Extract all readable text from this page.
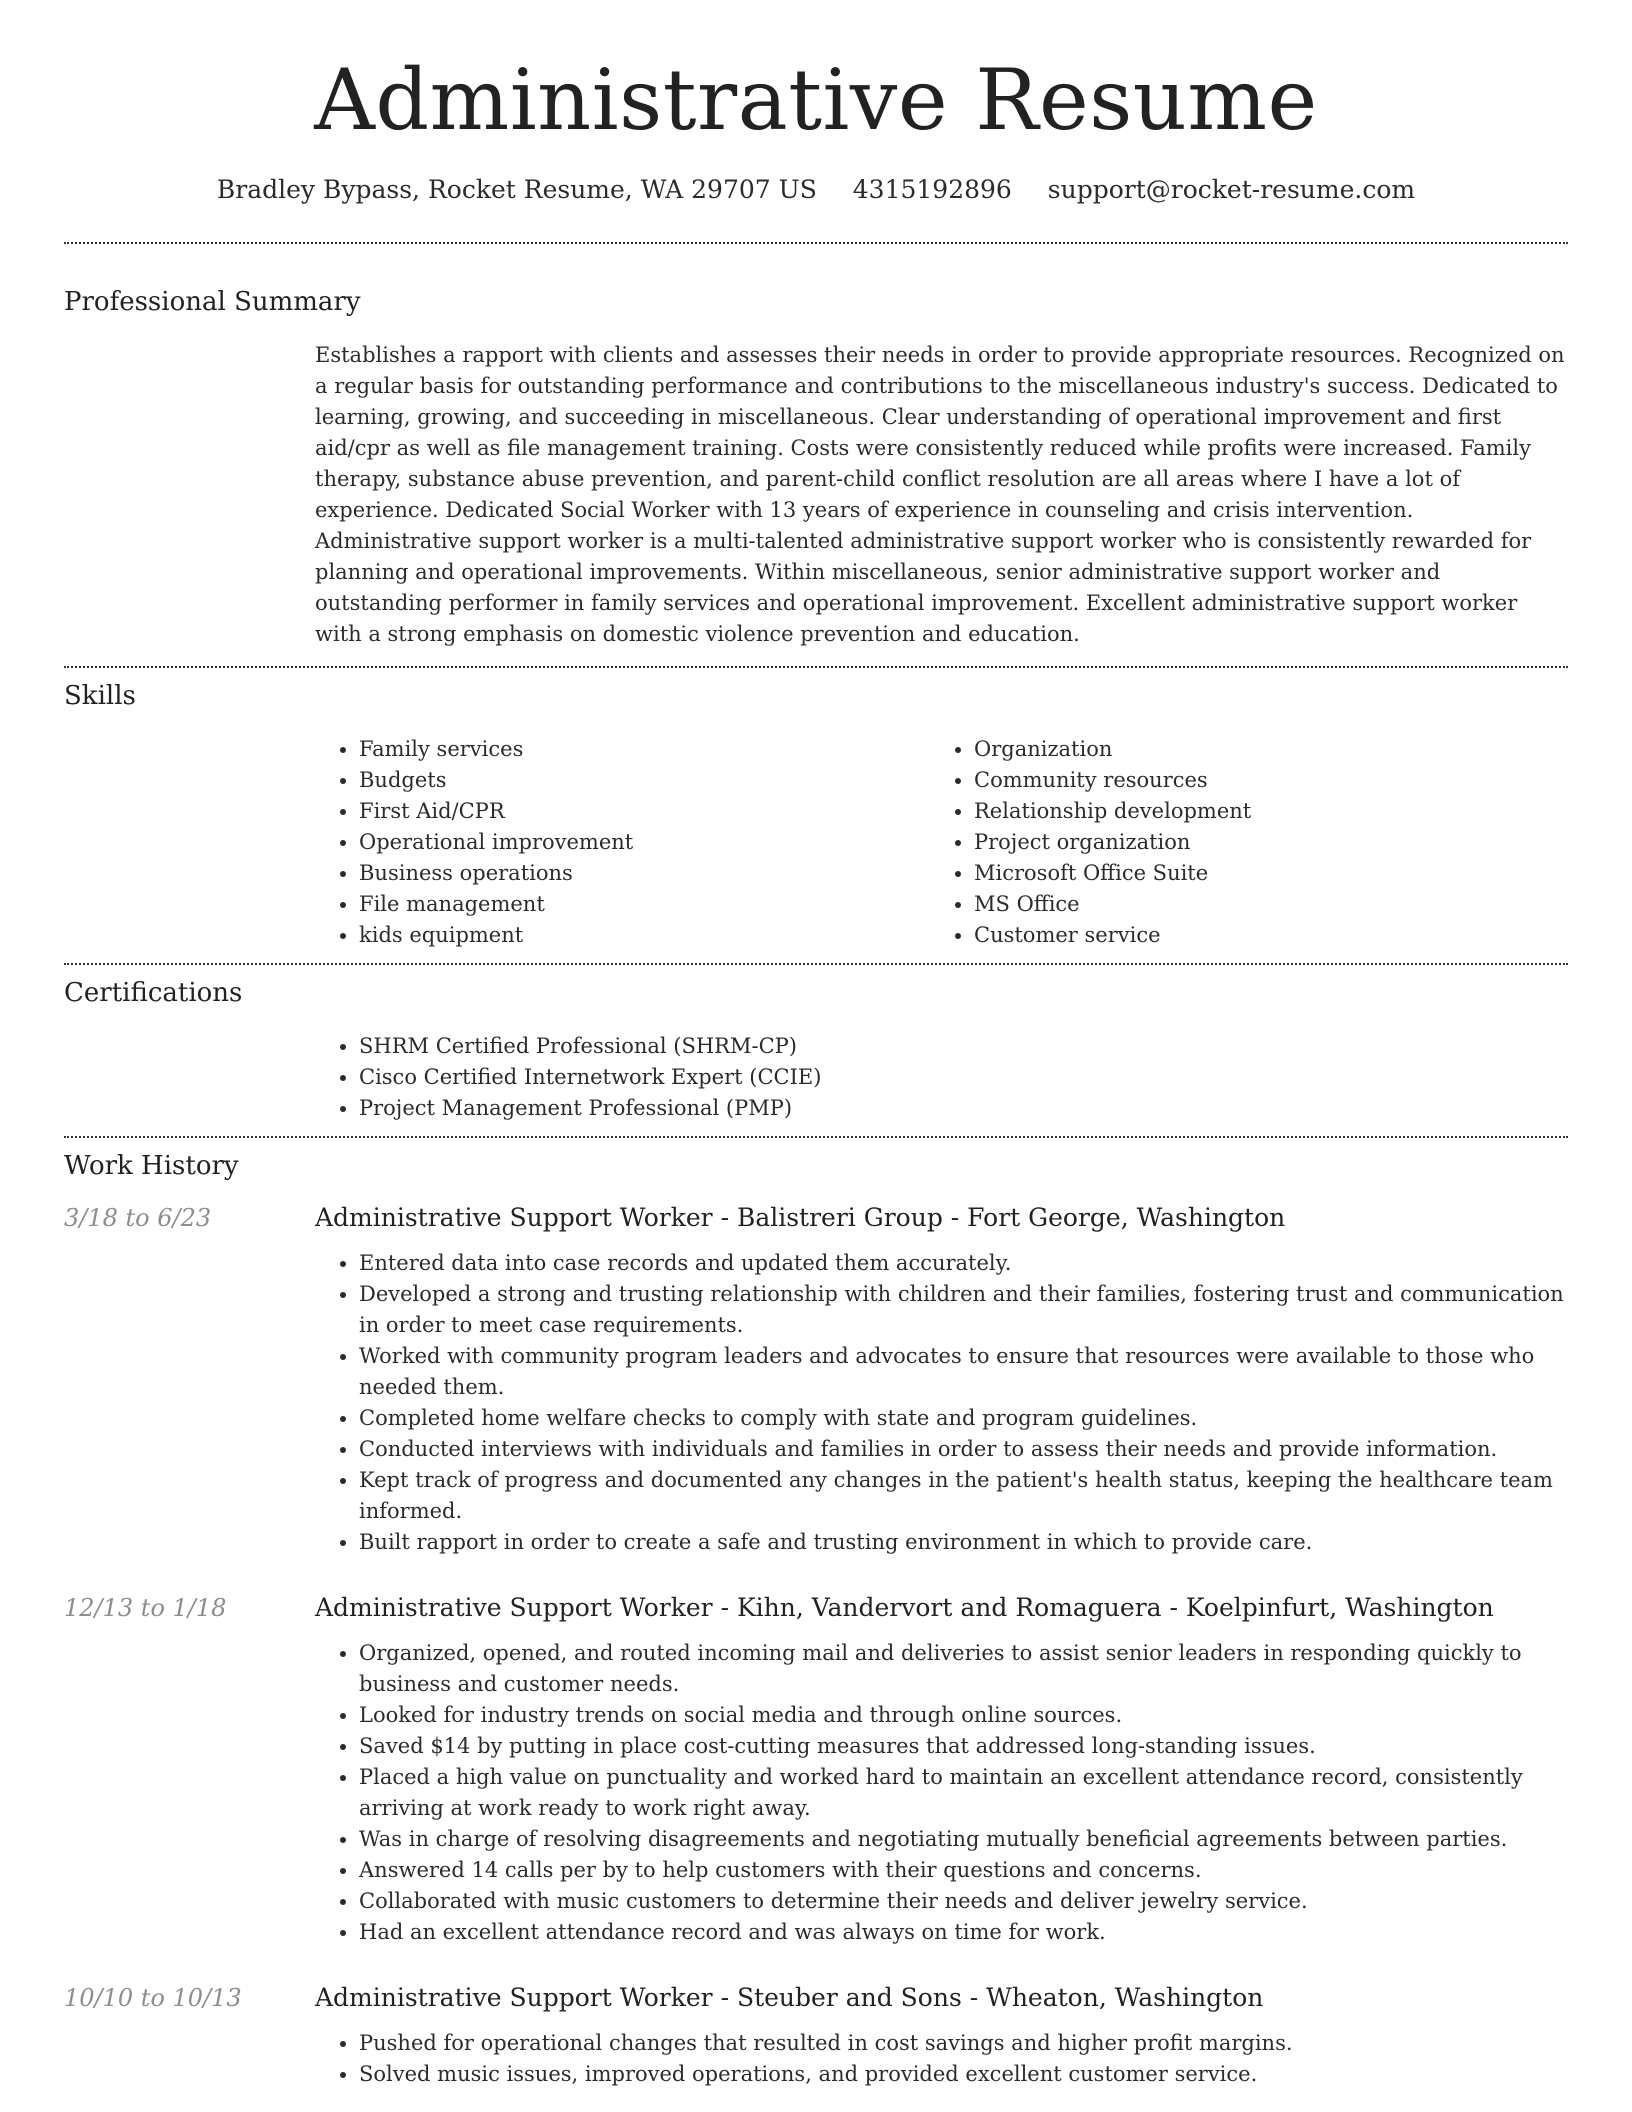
Administrative Resume
Bradley Bypass, Rocket Resume, WA 29707 US 4315192896 support@rocket-resume.com
Professional Summary
Establishes a rapport with clients and assesses their needs in order to provide appropriate resources. Recognized on a regular basis for outstanding performance and contributions to the miscellaneous industry's success. Dedicated to learning, growing, and succeeding in miscellaneous. Clear understanding of operational improvement and first aid/cpr as well as file management training. Costs were consistently reduced while profits were increased. Family therapy, substance abuse prevention, and parent-child conflict resolution are all areas where I have a lot of experience. Dedicated Social Worker with 13 years of experience in counseling and crisis intervention. Administrative support worker is a multi-talented administrative support worker who is consistently rewarded for planning and operational improvements. Within miscellaneous, senior administrative support worker and outstanding performer in family services and operational improvement. Excellent administrative support worker with a strong emphasis on domestic violence prevention and education.
Skills
• Family services
• Budgets
• First Aid/CPR
• Operational improvement
• Business operations
• File management
• kids equipment
• Organization
• Community resources
• Relationship development
• Project organization
• Microsoft Office Suite
• MS Office
• Customer service
Certifications
• SHRM Certified Professional (SHRM-CP)
• Cisco Certified Internetwork Expert (CCIE)
• Project Management Professional (PMP)
Work History
3/18 to 6/23	Administrative Support Worker - Balistreri Group - Fort George, Washington
• Entered data into case records and updated them accurately.
• Developed a strong and trusting relationship with children and their families, fostering trust and communication in order to meet case requirements.
• Worked with community program leaders and advocates to ensure that resources were available to those who needed them.
• Completed home welfare checks to comply with state and program guidelines.
• Conducted interviews with individuals and families in order to assess their needs and provide information.
• Kept track of progress and documented any changes in the patient's health status, keeping the healthcare team informed.
• Built rapport in order to create a safe and trusting environment in which to provide care.
12/13 to 1/18	Administrative Support Worker - Kihn, Vandervort and Romaguera - Koelpinfurt, Washington
• Organized, opened, and routed incoming mail and deliveries to assist senior leaders in responding quickly to business and customer needs.
• Looked for industry trends on social media and through online sources.
• Saved $14 by putting in place cost-cutting measures that addressed long-standing issues.
• Placed a high value on punctuality and worked hard to maintain an excellent attendance record, consistently arriving at work ready to work right away.
• Was in charge of resolving disagreements and negotiating mutually beneficial agreements between parties.
• Answered 14 calls per by to help customers with their questions and concerns.
• Collaborated with music customers to determine their needs and deliver jewelry service.
• Had an excellent attendance record and was always on time for work.
10/10 to 10/13	Administrative Support Worker - Steuber and Sons - Wheaton, Washington
• Pushed for operational changes that resulted in cost savings and higher profit margins.
• Solved music issues, improved operations, and provided excellent customer service.
